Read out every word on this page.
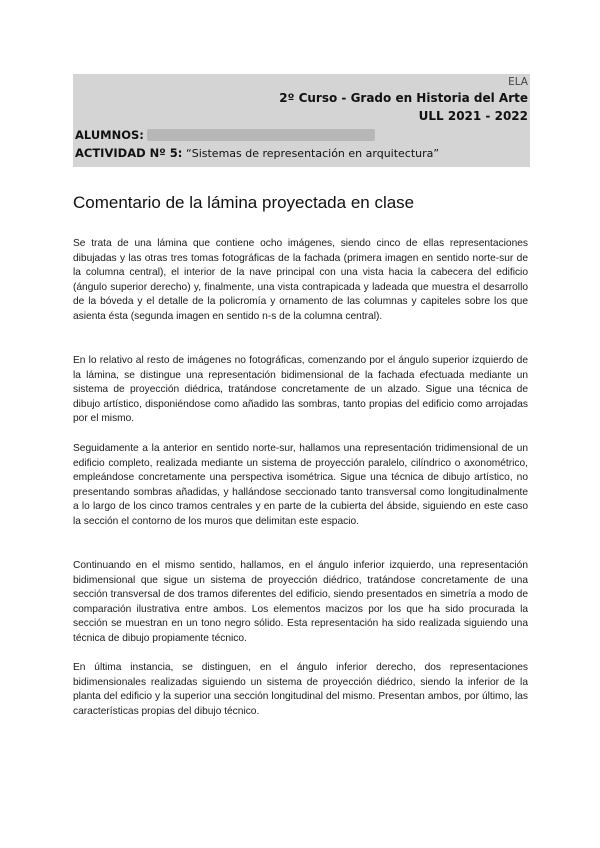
ELA
2º Curso - Grado en Historia del Arte
ULL 2021 - 2022
ALUMNOS:
ACTIVIDAD Nº 5: “Sistemas de representación en arquitectura”
Comentario de la lámina proyectada en clase

Se trata de una lámina que contiene ocho imágenes, siendo cinco de ellas representaciones dibujadas y las otras tres tomas fotográficas de la fachada (primera imagen en sentido norte-sur de la columna central), el interior de la nave principal con una vista hacia la cabecera del edificio (ángulo superior derecho) y, finalmente, una vista contrapicada y ladeada que muestra el desarrollo de la bóveda y el detalle de la policromía y ornamento de las columnas y capiteles sobre los que asienta ésta (segunda imagen en sentido n-s de la columna central).

En lo relativo al resto de imágenes no fotográficas, comenzando por el ángulo superior izquierdo de la lámina, se distingue una representación bidimensional de la fachada efectuada mediante un sistema de proyección diédrica, tratándose concretamente de un alzado. Sigue una técnica de dibujo artístico, disponiéndose como añadido las sombras, tanto propias del edificio como arrojadas por el mismo.

Seguidamente a la anterior en sentido norte-sur, hallamos una representación tridimensional de un edificio completo, realizada mediante un sistema de proyección paralelo, cilíndrico o axonométrico, empleándose concretamente una perspectiva isométrica. Sigue una técnica de dibujo artístico, no presentando sombras añadidas, y hallándose seccionado tanto transversal como longitudinalmente a lo largo de los cinco tramos centrales y en parte de la cubierta del ábside, siguiendo en este caso la sección el contorno de los muros que delimitan este espacio.

Continuando en el mismo sentido, hallamos, en el ángulo inferior izquierdo, una representación bidimensional que sigue un sistema de proyección diédrico, tratándose concretamente de una sección transversal de dos tramos diferentes del edificio, siendo presentados en simetría a modo de comparación ilustrativa entre ambos. Los elementos macizos por los que ha sido procurada la sección se muestran en un tono negro sólido. Esta representación ha sido realizada siguiendo una técnica de dibujo propiamente técnico.

En última instancia, se distinguen, en el ángulo inferior derecho, dos representaciones bidimensionales realizadas siguiendo un sistema de proyección diédrico, siendo la inferior de la planta del edificio y la superior una sección longitudinal del mismo. Presentan ambos, por último, las características propias del dibujo técnico.
